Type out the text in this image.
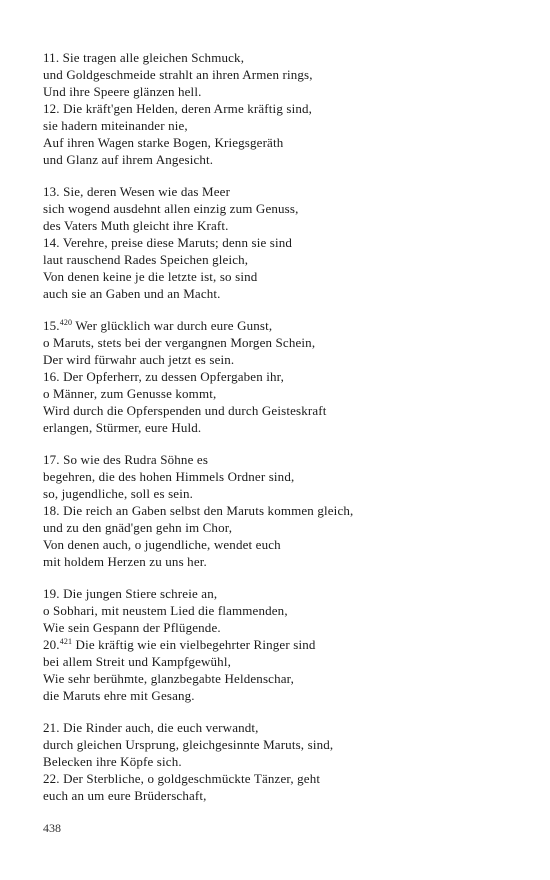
11. Sie tragen alle gleichen Schmuck,
und Goldgeschmeide strahlt an ihren Armen rings,
Und ihre Speere glänzen hell.
12. Die kräft'gen Helden, deren Arme kräftig sind,
sie hadern miteinander nie,
Auf ihren Wagen starke Bogen, Kriegsgeräth
und Glanz auf ihrem Angesicht.
13. Sie, deren Wesen wie das Meer
sich wogend ausdehnt allen einzig zum Genuss,
des Vaters Muth gleicht ihre Kraft.
14. Verehre, preise diese Maruts; denn sie sind
laut rauschend Rades Speichen gleich,
Von denen keine je die letzte ist, so sind
auch sie an Gaben und an Macht.
15.$^{420}$ Wer glücklich war durch eure Gunst,
o Maruts, stets bei der vergangnen Morgen Schein,
Der wird fürwahr auch jetzt es sein.
16. Der Opferherr, zu dessen Opfergaben ihr,
o Männer, zum Genusse kommt,
Wird durch die Opferspenden und durch Geisteskraft
erlangen, Stürmer, eure Huld.
17. So wie des Rudra Söhne es
begehren, die des hohen Himmels Ordner sind,
so, jugendliche, soll es sein.
18. Die reich an Gaben selbst den Maruts kommen gleich,
und zu den gnäd'gen gehn im Chor,
Von denen auch, o jugendliche, wendet euch
mit holdem Herzen zu uns her.
19. Die jungen Stiere schreie an,
o Sobhari, mit neustem Lied die flammenden,
Wie sein Gespann der Pflügende.
20.$^{421}$ Die kräftig wie ein vielbegehrter Ringer sind
bei allem Streit und Kampfgewühl,
Wie sehr berühmte, glanzbegabte Heldenschar,
die Maruts ehre mit Gesang.
21. Die Rinder auch, die euch verwandt,
durch gleichen Ursprung, gleichgesinnte Maruts, sind,
Belecken ihre Köpfe sich.
22. Der Sterbliche, o goldgeschmückte Tänzer, geht
euch an um eure Brüderschaft,
438
